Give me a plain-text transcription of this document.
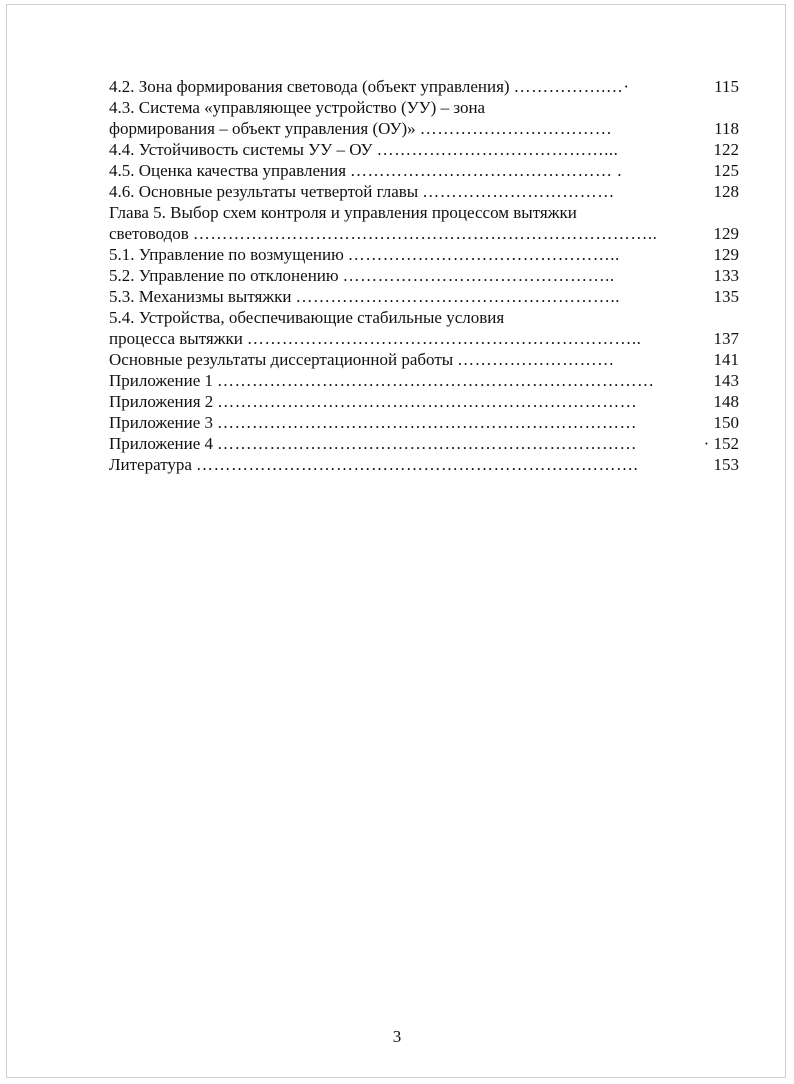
4.2. Зона формирования световода (объект управления) …………….…·	115
4.3. Система «управляющее устройство (УУ) – зона
формирования – объект управления (ОУ)» ……………………………	118
4.4. Устойчивость системы УУ – ОУ …………………………………...	122
4.5. Оценка качества управления ……………………………………… .	125
4.6. Основные результаты четвертой главы ……………………………	128
Глава 5. Выбор схем контроля и управления процессом вытяжки
световодов ……………………………………………………………………..	129
5.1. Управление по возмущению ………………………………………..	129
5.2. Управление по отклонению ………………………………………..	133
5.3. Механизмы вытяжки ………………………………………………..	135
5.4. Устройства, обеспечивающие стабильные условия
процесса вытяжки …………………………………………………………..	137
Основные результаты диссертационной работы ………………………	141
Приложение 1 …………………………………………………………………	143
Приложения 2 ………………………………………………………………	148
Приложение 3 ………………………………………………………………	150
Приложение 4 ………………………………………………………………	· 152
Литература ………………………………………………………………….	153
3
